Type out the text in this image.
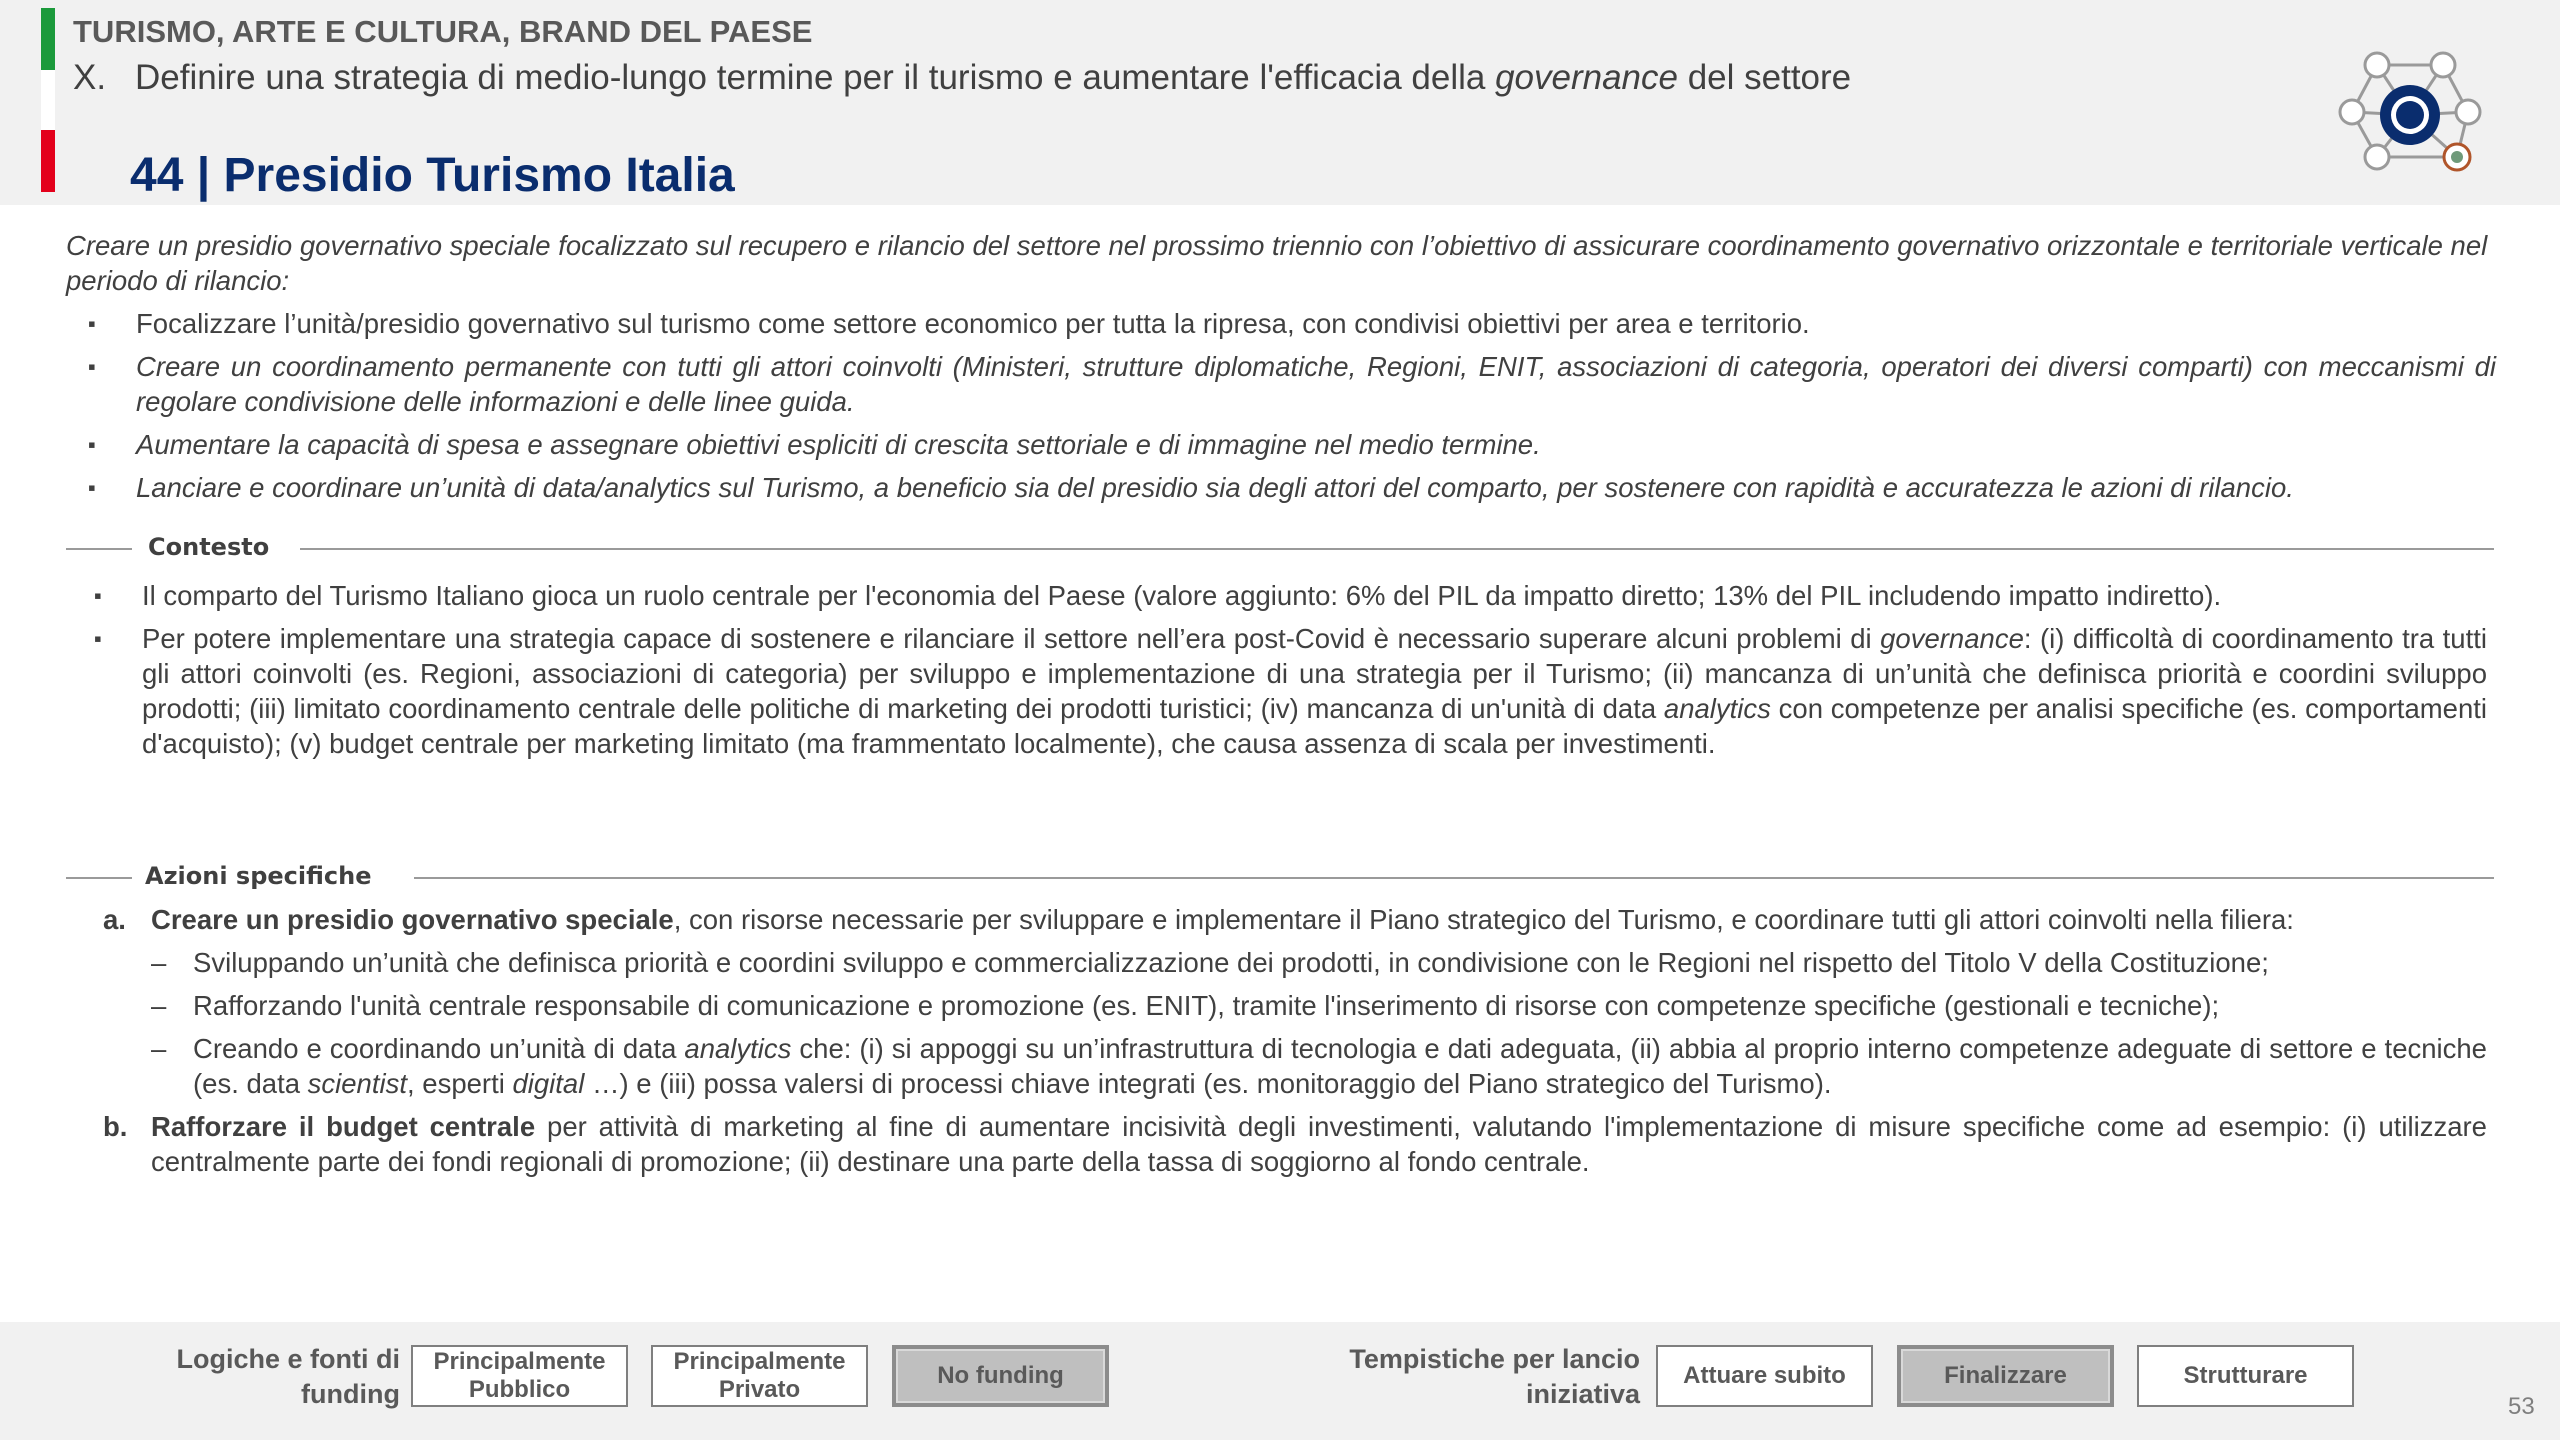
TURISMO, ARTE E CULTURA, BRAND DEL PAESE
X. Definire una strategia di medio-lungo termine per il turismo e aumentare l'efficacia della governance del settore
44 | Presidio Turismo Italia

Creare un presidio governativo speciale focalizzato sul recupero e rilancio del settore nel prossimo triennio con l’obiettivo di assicurare coordinamento governativo orizzontale e territoriale verticale nel periodo di rilancio:

▪ Focalizzare l’unità/presidio governativo sul turismo come settore economico per tutta la ripresa, con condivisi obiettivi per area e territorio.
▪ Creare un coordinamento permanente con tutti gli attori coinvolti (Ministeri, strutture diplomatiche, Regioni, ENIT, associazioni di categoria, operatori dei diversi comparti) con meccanismi di regolare condivisione delle informazioni e delle linee guida.
▪ Aumentare la capacità di spesa e assegnare obiettivi espliciti di crescita settoriale e di immagine nel medio termine.
▪ Lanciare e coordinare un’unità di data/analytics sul Turismo, a beneficio sia del presidio sia degli attori del comparto, per sostenere con rapidità e accuratezza le azioni di rilancio.
Contesto
▪ Il comparto del Turismo Italiano gioca un ruolo centrale per l'economia del Paese (valore aggiunto: 6% del PIL da impatto diretto; 13% del PIL includendo impatto indiretto).
▪ Per potere implementare una strategia capace di sostenere e rilanciare il settore nell’era post-Covid è necessario superare alcuni problemi di governance: (i) difficoltà di coordinamento tra tutti gli attori coinvolti (es. Regioni, associazioni di categoria) per sviluppo e implementazione di una strategia per il Turismo; (ii) mancanza di un’unità che definisca priorità e coordini sviluppo prodotti; (iii) limitato coordinamento centrale delle politiche di marketing dei prodotti turistici; (iv) mancanza di un'unità di data analytics con competenze per analisi specifiche (es. comportamenti d'acquisto); (v) budget centrale per marketing limitato (ma frammentato localmente), che causa assenza di scala per investimenti.
Azioni specifiche
a. Creare un presidio governativo speciale, con risorse necessarie per sviluppare e implementare il Piano strategico del Turismo, e coordinare tutti gli attori coinvolti nella filiera:
– Sviluppando un’unità che definisca priorità e coordini sviluppo e commercializzazione dei prodotti, in condivisione con le Regioni nel rispetto del Titolo V della Costituzione;
– Rafforzando l'unità centrale responsabile di comunicazione e promozione (es. ENIT), tramite l'inserimento di risorse con competenze specifiche (gestionali e tecniche);
– Creando e coordinando un’unità di data analytics che: (i) si appoggi su un’infrastruttura di tecnologia e dati adeguata, (ii) abbia al proprio interno competenze adeguate di settore e tecniche (es. data scientist, esperti digital …) e (iii) possa valersi di processi chiave integrati (es. monitoraggio del Piano strategico del Turismo).
b. Rafforzare il budget centrale per attività di marketing al fine di aumentare incisività degli investimenti, valutando l'implementazione di misure specifiche come ad esempio: (i) utilizzare centralmente parte dei fondi regionali di promozione; (ii) destinare una parte della tassa di soggiorno al fondo centrale.
Logiche e fonti di
funding
Principalmente
Pubblico
Principalmente
Privato
No funding
Tempistiche per lancio
iniziativa
Attuare subito	Finalizzare	Strutturare
53
